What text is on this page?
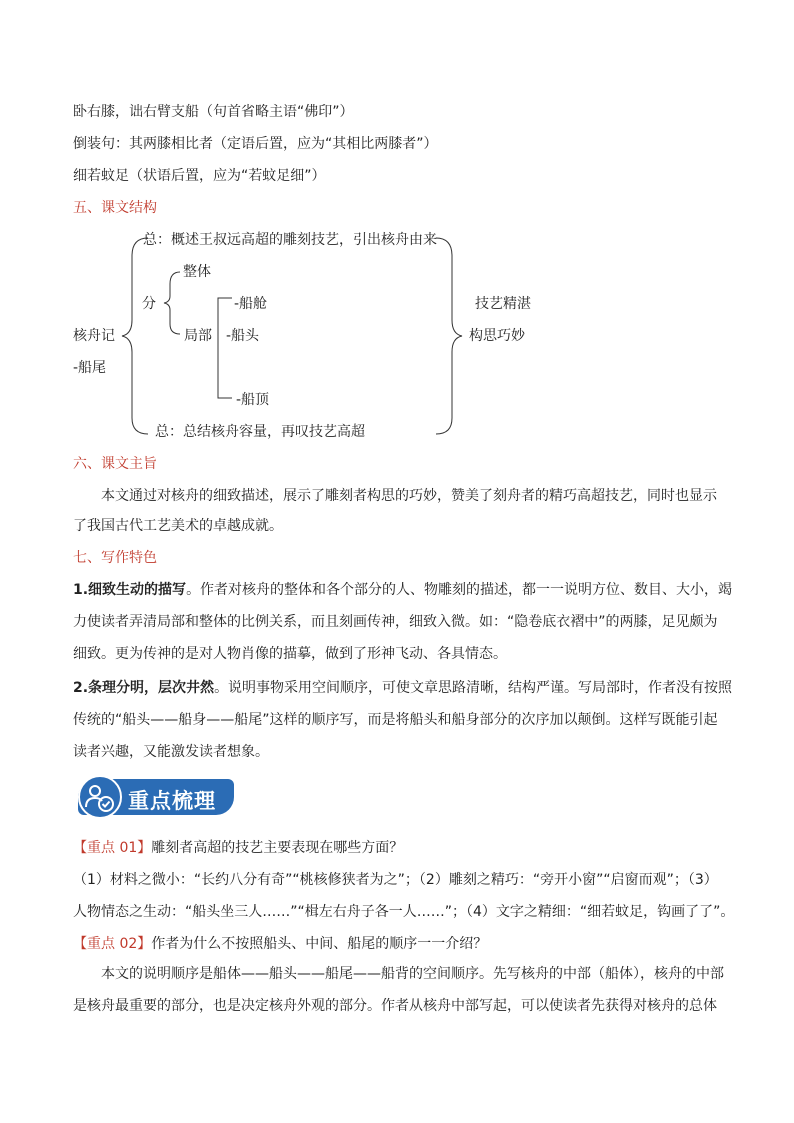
卧右膝，诎右臂支船（句首省略主语“佛印”）

倒装句：其两膝相比者（定语后置，应为“其相比两膝者”）

细若蚊足（状语后置，应为“若蚊足细”）

五、课文结构

总：概述王叔远高超的雕刻技艺，引出核舟由来
整体
分	-船舱
局部 -船头
核舟记
-船尾
-船顶
总：总结核舟容量，再叹技艺高超
技艺精湛
构思巧妙

六、课文主旨

本文通过对核舟的细致描述，展示了雕刻者构思的巧妙，赞美了刻舟者的精巧高超技艺，同时也显示

了我国古代工艺美术的卓越成就。

七、写作特色

1.细致生动的描写。作者对核舟的整体和各个部分的人、物雕刻的描述，都一一说明方位、数目、大小，竭

力使读者弄清局部和整体的比例关系，而且刻画传神，细致入微。如：“隐卷底衣褶中”的两膝，足见颇为

细致。更为传神的是对人物肖像的描摹，做到了形神飞动、各具情态。

2.条理分明，层次井然。说明事物采用空间顺序，可使文章思路清晰，结构严谨。写局部时，作者没有按照

传统的“船头——船身——船尾”这样的顺序写，而是将船头和船身部分的次序加以颠倒。这样写既能引起

读者兴趣，又能激发读者想象。

重点梳理

【重点 01】雕刻者高超的技艺主要表现在哪些方面？

（1）材料之微小：“长约八分有奇”“桃核修狭者为之”；（2）雕刻之精巧：“旁开小窗”“启窗而观”；（3）

人物情态之生动：“船头坐三人……”“楫左右舟子各一人……”；（4）文字之精细：“细若蚊足，钩画了了”。

【重点 02】作者为什么不按照船头、中间、船尾的顺序一一介绍？

本文的说明顺序是船体——船头——船尾——船背的空间顺序。先写核舟的中部（船体），核舟的中部

是核舟最重要的部分，也是决定核舟外观的部分。作者从核舟中部写起，可以使读者先获得对核舟的总体
